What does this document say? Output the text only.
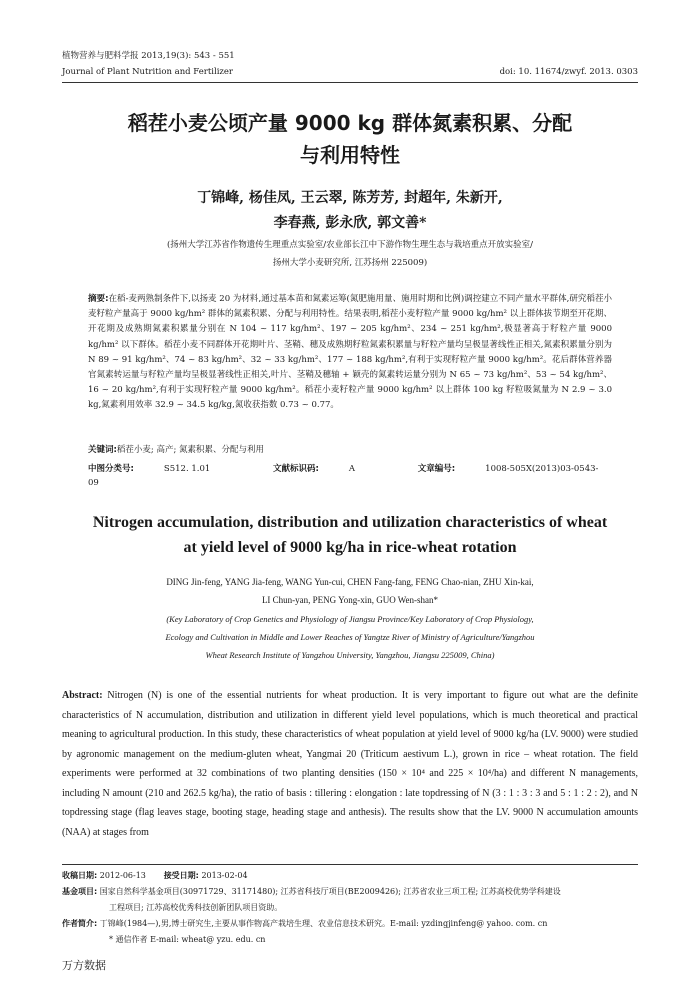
植物营养与肥料学报 2013,19(3): 543 - 551
Journal of Plant Nutrition and Fertilizer	doi: 10. 11674/zwyf. 2013. 0303
稻茬小麦公顷产量 9000 kg 群体氮素积累、分配
与利用特性
丁锦峰, 杨佳凤, 王云翠, 陈芳芳, 封超年, 朱新开,
李春燕, 彭永欣, 郭文善*
(扬州大学江苏省作物遗传生理重点实验室/农业部长江中下游作物生理生态与栽培重点开放实验室/
扬州大学小麦研究所, 江苏扬州 225009)

摘要:在稻-麦两熟制条件下,以扬麦 20 为材料,通过基本苗和氮素运筹(氮肥施用量、施用时期和比例)调控建立不同产量水平群体,研究稻茬小麦籽粒产量高于 9000 kg/hm² 群体的氮素积累、分配与利用特性。结果表明,稻茬小麦籽粒产量 9000 kg/hm² 以上群体拔节期至开花期、开花期及成熟期氮素积累量分别在 N 104 ~ 117 kg/hm²、197 ~ 205 kg/hm²、234 ~ 251 kg/hm²,极显著高于籽粒产量 9000 kg/hm² 以下群体。稻茬小麦不同群体开花期叶片、茎鞘、穗及成熟期籽粒氮素积累量与籽粒产量均呈极显著线性正相关,氮素积累量分别为 N 89 ~ 91 kg/hm²、74 ~ 83 kg/hm²、32 ~ 33 kg/hm²、177 ~ 188 kg/hm²,有利于实现籽粒产量 9000 kg/hm²。花后群体营养器官氮素转运量与籽粒产量均呈极显著线性正相关,叶片、茎鞘及穗轴 + 颖壳的氮素转运量分别为 N 65 ~ 73 kg/hm²、53 ~ 54 kg/hm²、16 ~ 20 kg/hm²,有利于实现籽粒产量 9000 kg/hm²。稻茬小麦籽粒产量 9000 kg/hm² 以上群体 100 kg 籽粒吸氮量为 N 2.9 ~ 3.0 kg,氮素利用效率 32.9 ~ 34.5 kg/kg,氮收获指数 0.73 ~ 0.77。

关键词:稻茬小麦; 高产; 氮素积累、分配与利用
中图分类号:	S512. 1.01	文献标识码:	A	文章编号:	1008-505X(2013)03-0543-09
Nitrogen accumulation, distribution and utilization characteristics of wheat
at yield level of 9000 kg/ha in rice-wheat rotation
DING Jin-feng, YANG Jia-feng, WANG Yun-cui, CHEN Fang-fang, FENG Chao-nian, ZHU Xin-kai,
LI Chun-yan, PENG Yong-xin, GUO Wen-shan*
(Key Laboratory of Crop Genetics and Physiology of Jiangsu Province/Key Laboratory of Crop Physiology,
Ecology and Cultivation in Middle and Lower Reaches of Yangtze River of Ministry of Agriculture/Yangzhou
Wheat Research Institute of Yangzhou University, Yangzhou, Jiangsu 225009, China)

Abstract: Nitrogen (N) is one of the essential nutrients for wheat production. It is very important to figure out what are the definite characteristics of N accumulation, distribution and utilization in different yield level populations, which is much theoretical and practical meaning to agricultural production. In this study, these characteristics of wheat population at yield level of 9000 kg/ha (LV. 9000) were studied by agronomic management on the medium-gluten wheat, Yangmai 20 (Triticum aestivum L.), grown in rice – wheat rotation. The field experiments were performed at 32 combinations of two planting densities (150 × 10⁴ and 225 × 10⁴/ha) and different N managements, including N amount (210 and 262.5 kg/ha), the ratio of basis : tillering : elongation : late topdressing of N (3 : 1 : 3 : 3 and 5 : 1 : 2 : 2), and N topdressing stage (flag leaves stage, booting stage, heading stage and anthesis). The results show that the LV. 9000 N accumulation amounts (NAA) at stages from

收稿日期: 2012-06-13 接受日期: 2013-02-04
基金项目: 国家自然科学基金项目(30971729、31171480); 江苏省科技厅项目(BE2009426); 江苏省农业三项工程; 江苏高校优势学科建设
工程项目; 江苏高校优秀科技创新团队项目资助。
作者简介: 丁锦峰(1984—),男,博士研究生,主要从事作物高产栽培生理、农业信息技术研究。E-mail: yzdingjinfeng@ yahoo. com. cn
* 通信作者 E-mail: wheat@ yzu. edu. cn
万方数据
